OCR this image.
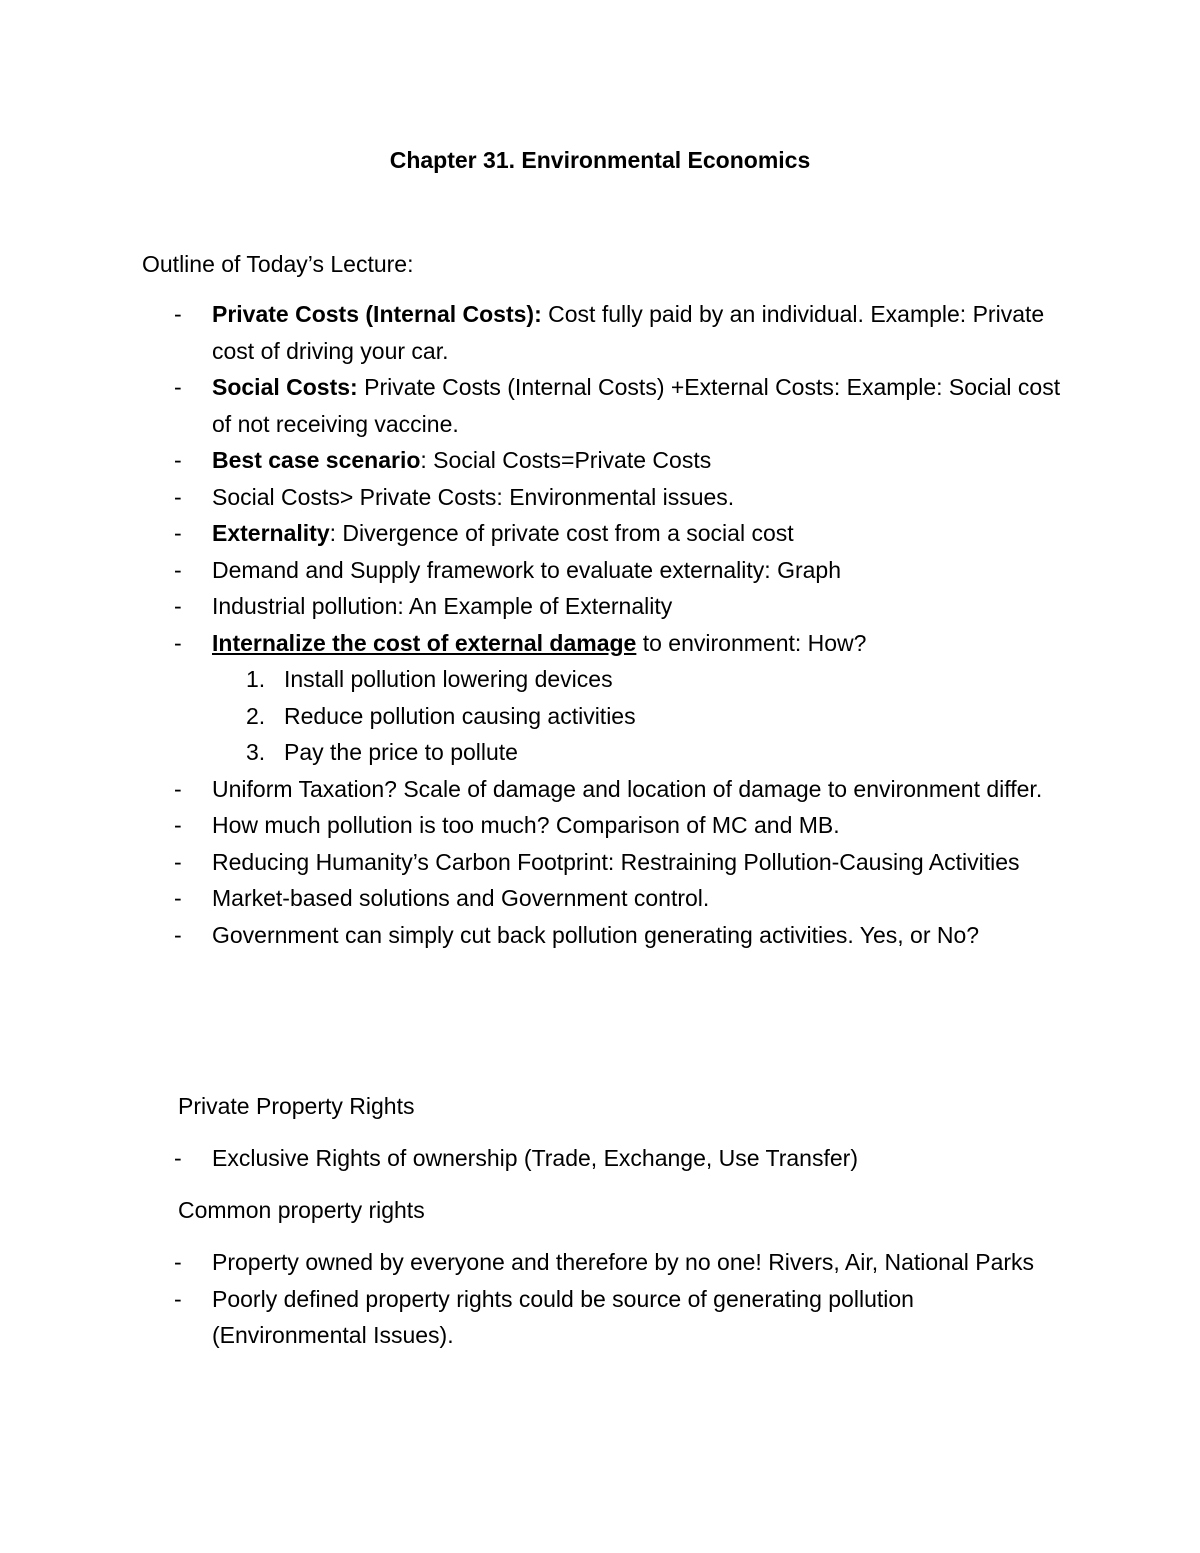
Chapter 31. Environmental Economics
Outline of Today’s Lecture:
- Private Costs (Internal Costs): Cost fully paid by an individual. Example: Private cost of driving your car.
- Social Costs: Private Costs (Internal Costs) +External Costs: Example: Social cost of not receiving vaccine.
- Best case scenario: Social Costs=Private Costs
- Social Costs> Private Costs: Environmental issues.
- Externality: Divergence of private cost from a social cost
- Demand and Supply framework to evaluate externality: Graph
- Industrial pollution: An Example of Externality
- Internalize the cost of external damage to environment: How?
1. Install pollution lowering devices
2. Reduce pollution causing activities
3. Pay the price to pollute
- Uniform Taxation? Scale of damage and location of damage to environment differ.
- How much pollution is too much? Comparison of MC and MB.
- Reducing Humanity’s Carbon Footprint: Restraining Pollution-Causing Activities
- Market-based solutions and Government control.
- Government can simply cut back pollution generating activities. Yes, or No?
Private Property Rights
- Exclusive Rights of ownership (Trade, Exchange, Use Transfer)
Common property rights
- Property owned by everyone and therefore by no one! Rivers, Air, National Parks
- Poorly defined property rights could be source of generating pollution (Environmental Issues).
